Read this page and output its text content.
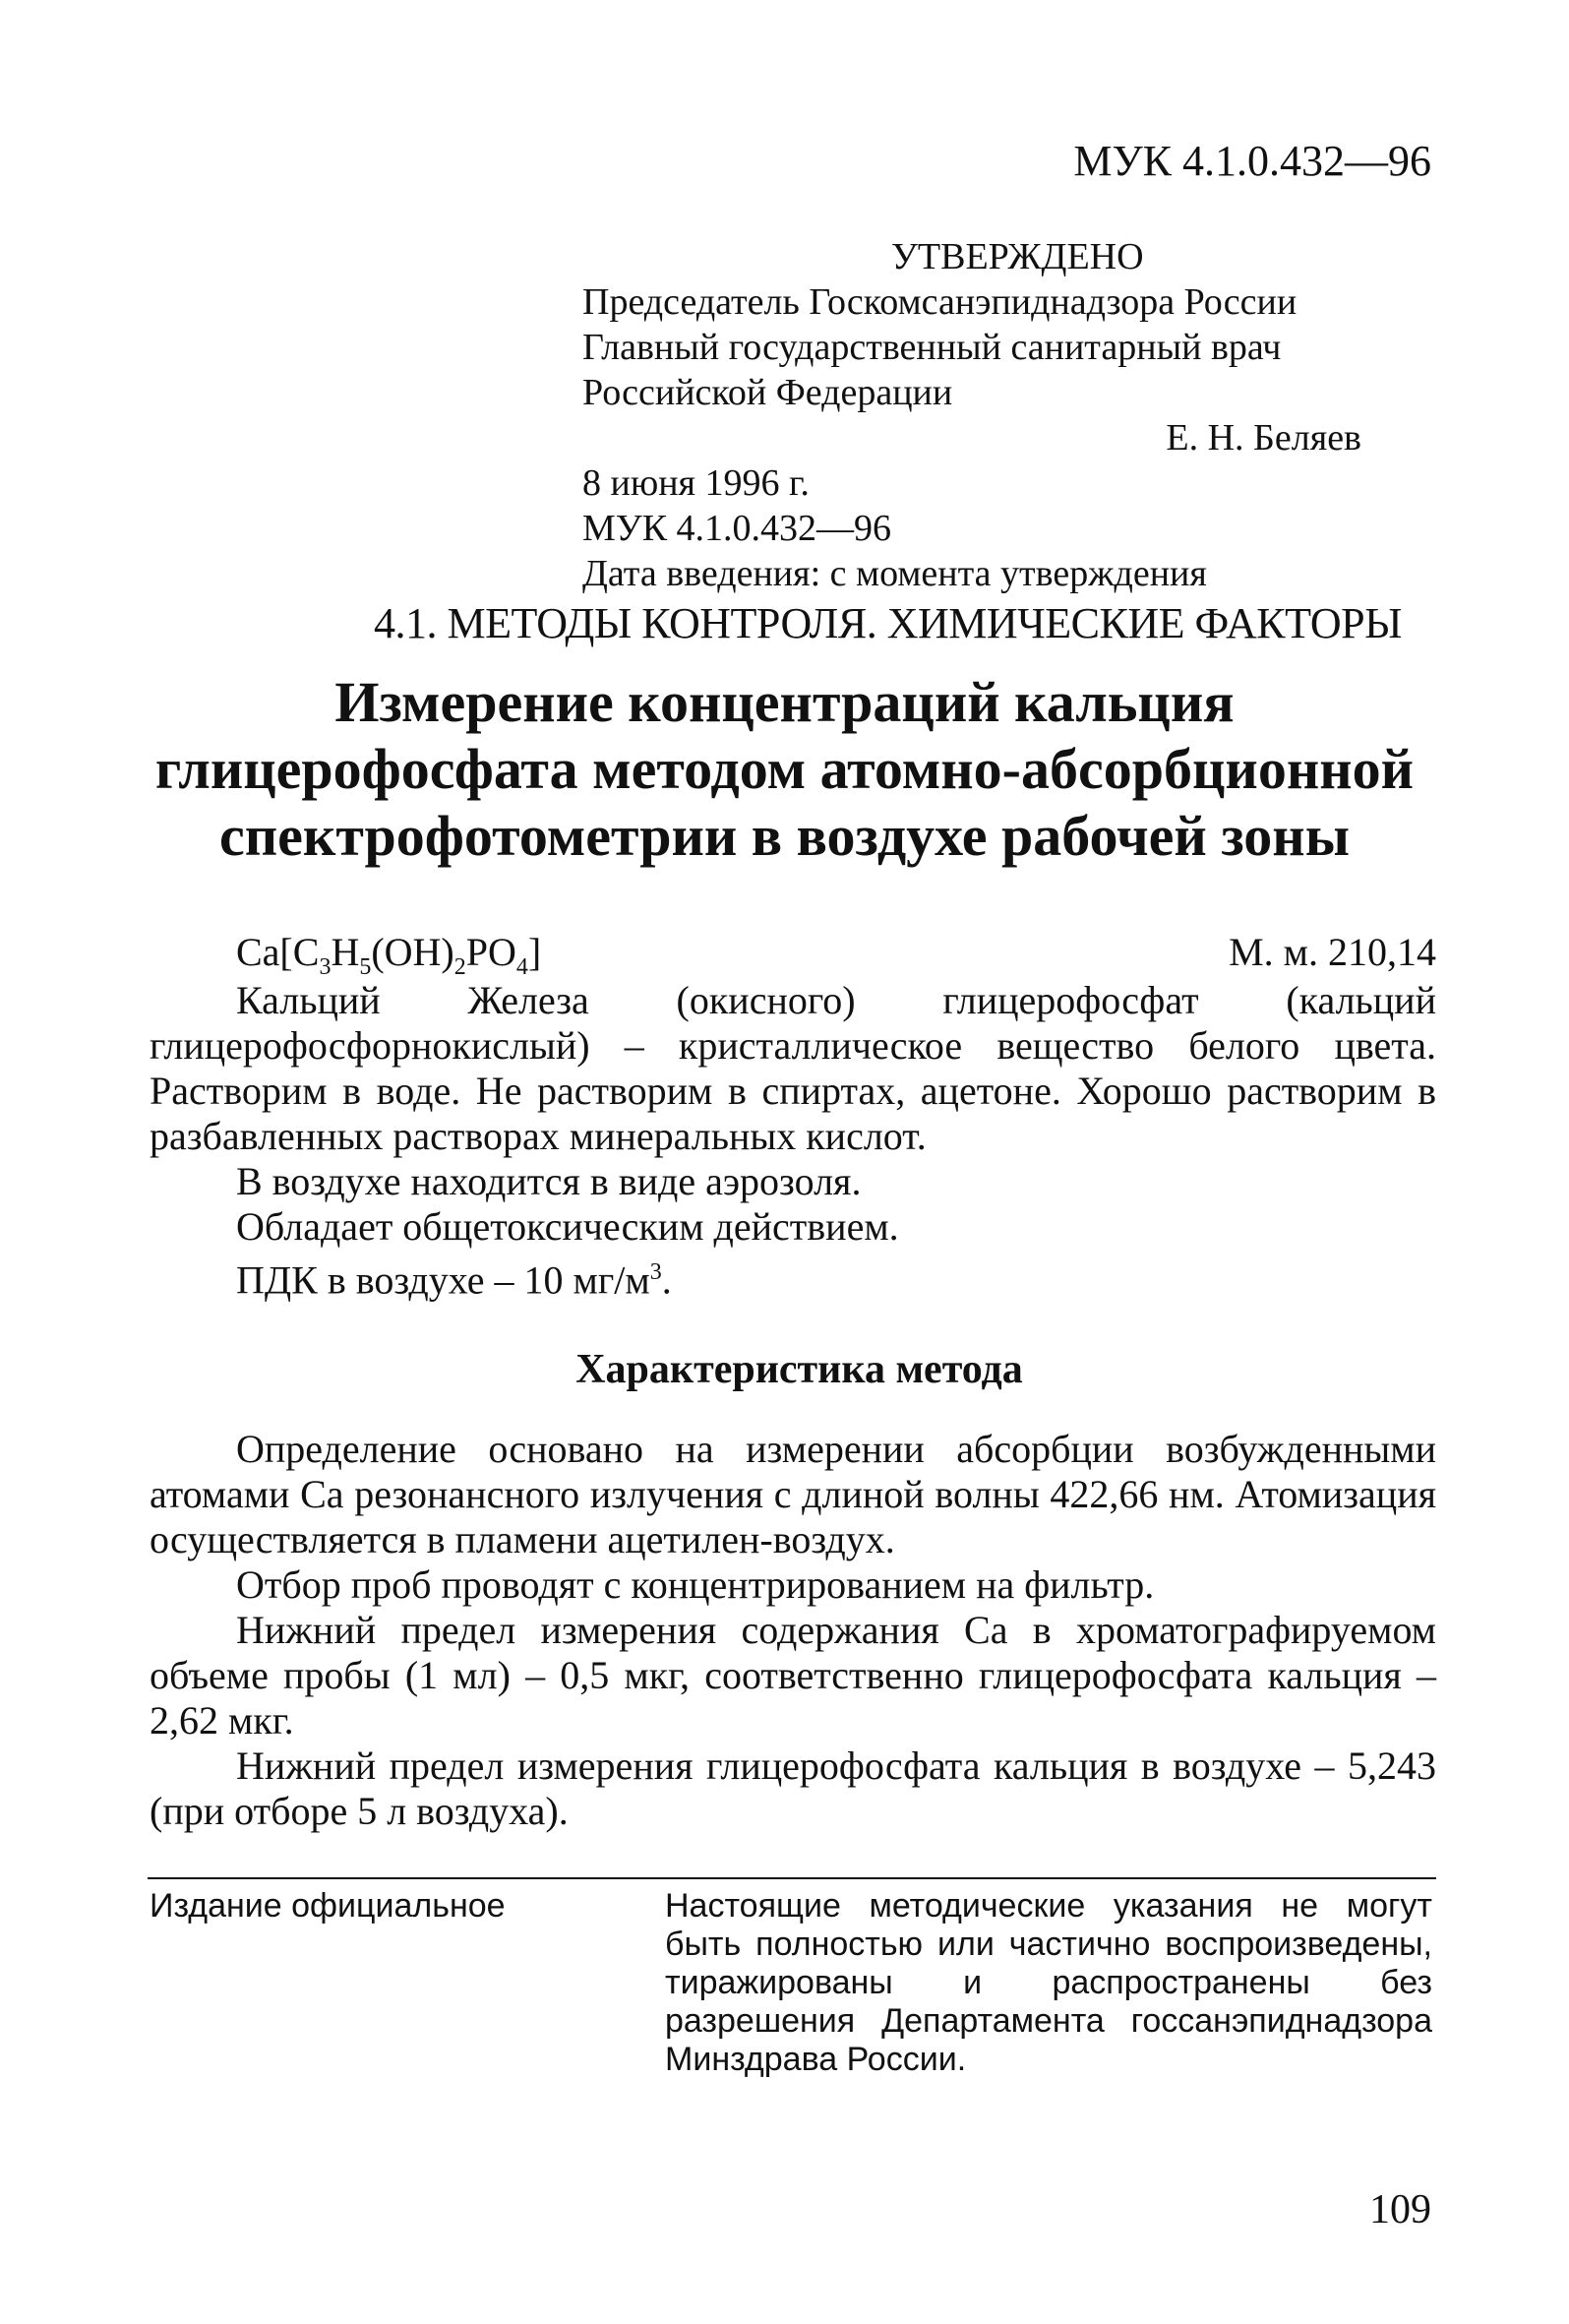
МУК 4.1.0.432—96
УТВЕРЖДЕНО
Председатель Госкомсанэпиднадзора России
Главный государственный санитарный врач
Российской Федерации
Е. Н. Беляев
8 июня 1996 г.
МУК 4.1.0.432—96
Дата введения: с момента утверждения
4.1. МЕТОДЫ КОНТРОЛЯ. ХИМИЧЕСКИЕ ФАКТОРЫ
Измерение концентраций кальция
глицерофосфата методом атомно-абсорбционной
спектрофотометрии в воздухе рабочей зоны
$Ca[C_3H_5(OH)_2PO_4]$	М. м. 210,14

Кальций Железа (окисного) глицерофосфат (кальций глицерофосфорнокислый) – кристаллическое вещество белого цвета. Растворим в воде. Не растворим в спиртах, ацетоне. Хорошо растворим в разбавленных растворах минеральных кислот.

В воздухе находится в виде аэрозоля.

Обладает общетоксическим действием.

ПДК в воздухе – 10 $мг/м^3$.

Характеристика метода

Определение основано на измерении абсорбции возбужденными атомами Са резонансного излучения с длиной волны 422,66 нм. Атомизация осуществляется в пламени ацетилен-воздух.

Отбор проб проводят с концентрированием на фильтр.

Нижний предел измерения содержания Са в хроматографируемом объеме пробы (1 мл) – 0,5 мкг, соответственно глицерофосфата кальция – 2,62 мкг.

Нижний предел измерения глицерофосфата кальция в воздухе – 5,243 (при отборе 5 л воздуха).

Издание официальное	Настоящие методические указания не могут быть полностью или частично воспроизведены, тиражированы и распространены без разрешения Департамента госсанэпиднадзора Минздрава России.
109
